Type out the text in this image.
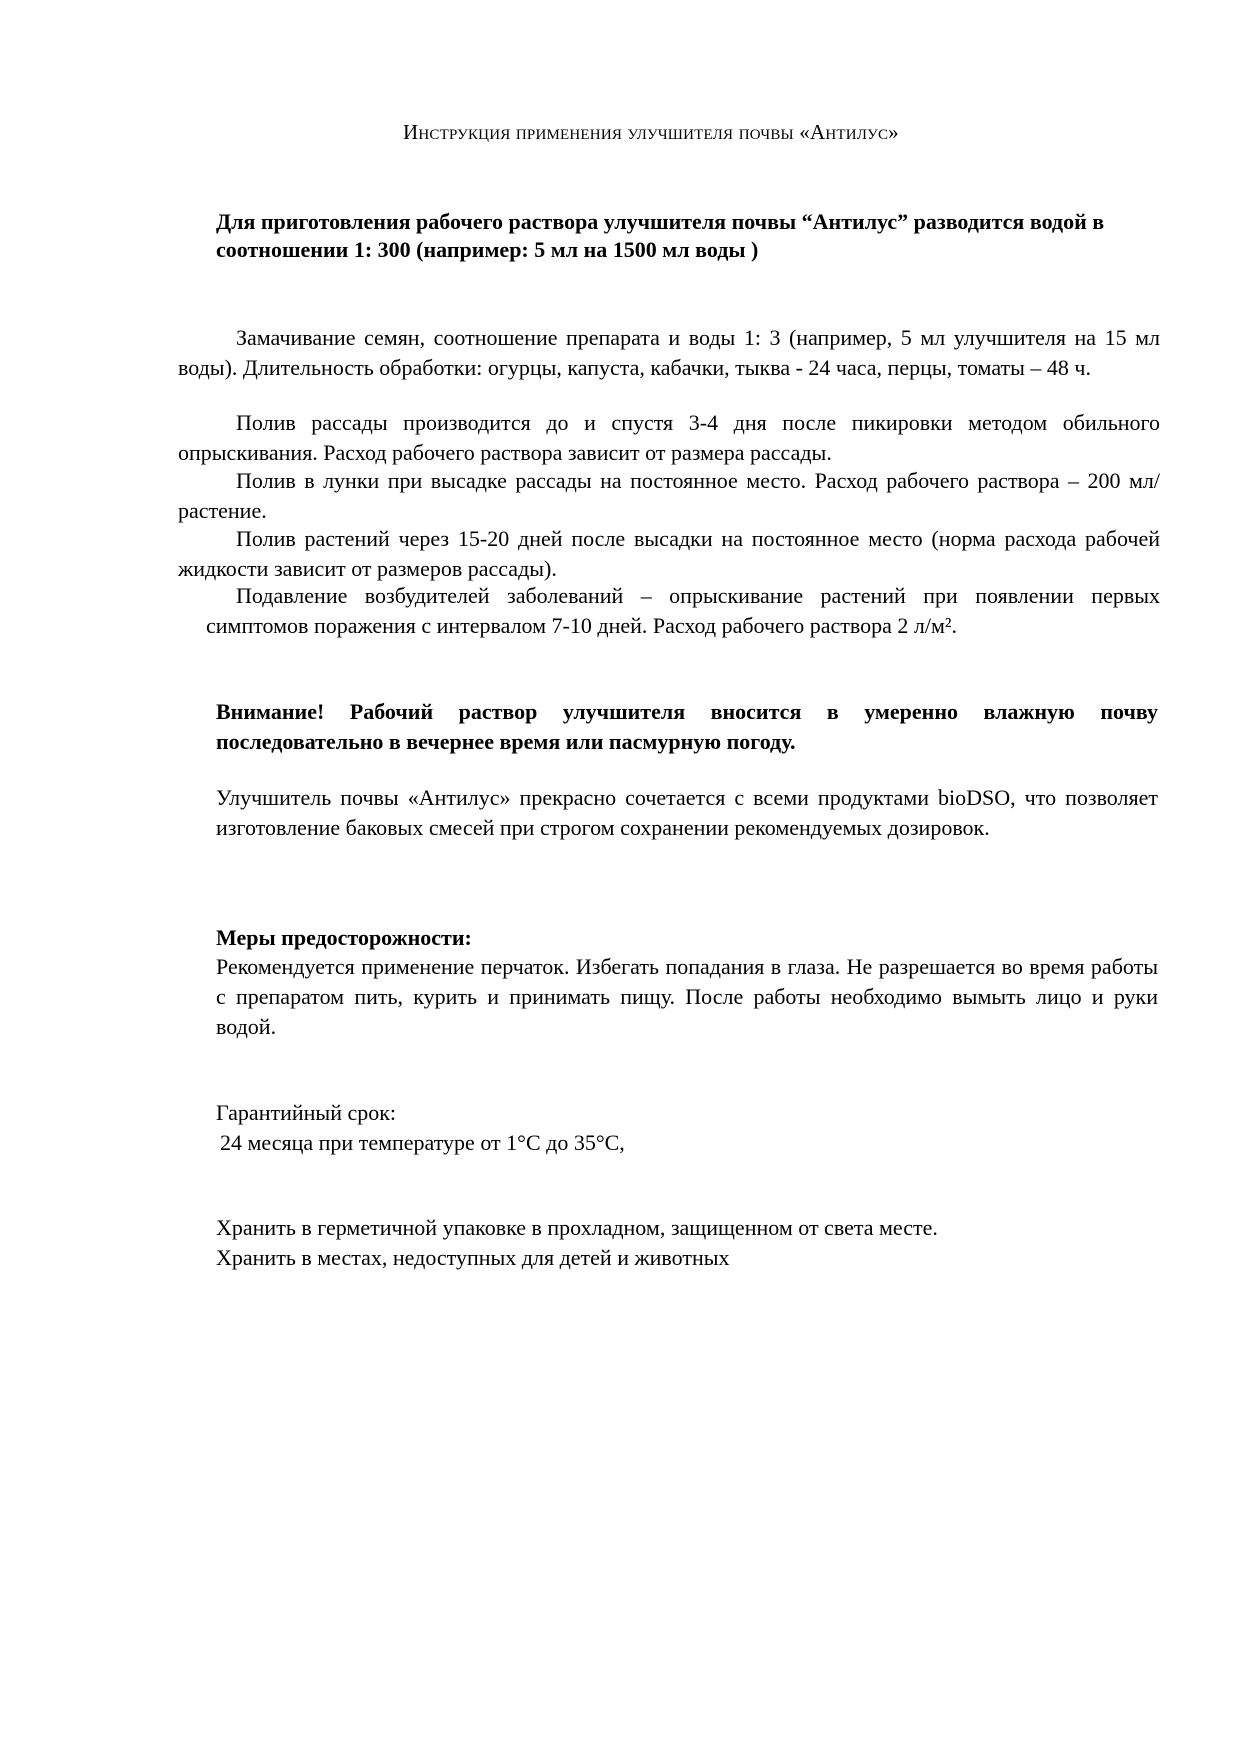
Инструкция применения улучшителя почвы «Антилус»

Для приготовления рабочего раствора улучшителя почвы “Антилус” разводится водой в соотношении 1: 300 (например: 5 мл на 1500 мл воды )

Замачивание семян, соотношение препарата и воды 1: 3 (например, 5 мл улучшителя на 15 мл воды). Длительность обработки: огурцы, капуста, кабачки, тыква - 24 часа, перцы, томаты – 48 ч.

Полив рассады производится до и спустя 3-4 дня после пикировки методом обильного опрыскивания. Расход рабочего раствора зависит от размера рассады.

Полив в лунки при высадке рассады на постоянное место. Расход рабочего раствора – 200 мл/растение.

Полив растений через 15-20 дней после высадки на постоянное место (норма расхода рабочей жидкости зависит от размеров рассады).

Подавление возбудителей заболеваний – опрыскивание растений при появлении первых симптомов поражения с интервалом 7-10 дней. Расход рабочего раствора 2 л/м².

Внимание! Рабочий раствор улучшителя вносится в умеренно влажную почву последовательно в вечернее время или пасмурную погоду.

Улучшитель почвы «Антилус» прекрасно сочетается с всеми продуктами bioDSO, что позволяет изготовление баковых смесей при строгом сохранении рекомендуемых дозировок.

Меры предосторожности:

Рекомендуется применение перчаток. Избегать попадания в глаза. Не разрешается во время работы с препаратом пить, курить и принимать пищу. После работы необходимо вымыть лицо и руки водой.

Гарантийный срок:
24 месяца при температуре от 1°С до 35°С,
Хранить в герметичной упаковке в прохладном, защищенном от света месте.
Хранить в местах, недоступных для детей и животных
